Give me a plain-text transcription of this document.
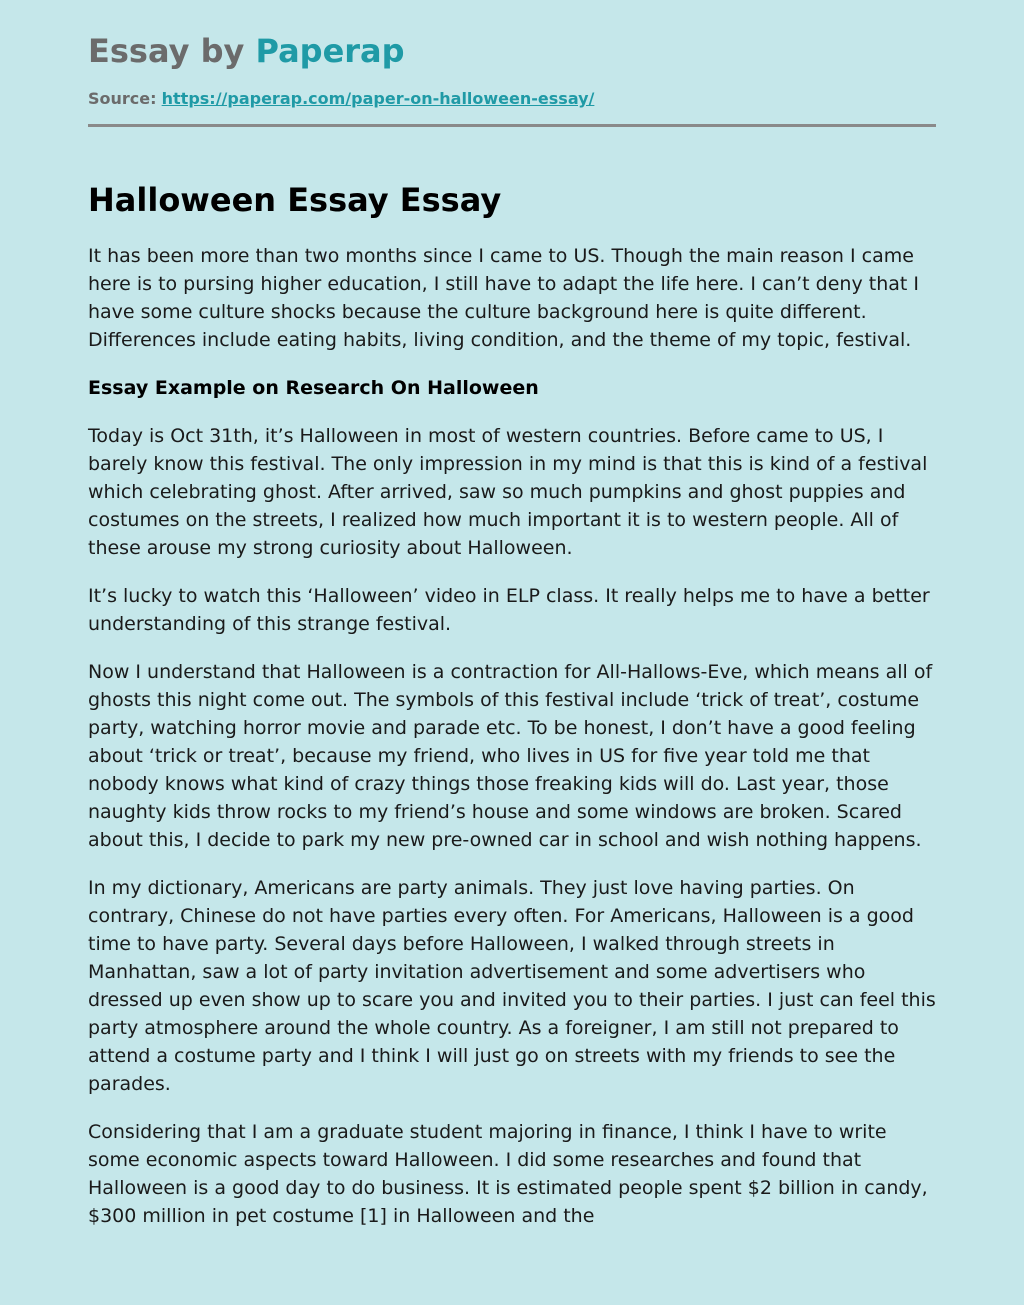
Essay by Paperap
Source: https://paperap.com/paper-on-halloween-essay/
Halloween Essay Essay

It has been more than two months since I came to US. Though the main reason I came here is to pursing higher education, I still have to adapt the life here. I can’t deny that I have some culture shocks because the culture background here is quite different. Differences include eating habits, living condition, and the theme of my topic, festival.

Essay Example on Research On Halloween

Today is Oct 31th, it’s Halloween in most of western countries. Before came to US, I barely know this festival. The only impression in my mind is that this is kind of a festival which celebrating ghost. After arrived, saw so much pumpkins and ghost puppies and costumes on the streets, I realized how much important it is to western people. All of these arouse my strong curiosity about Halloween.

It’s lucky to watch this ‘Halloween’ video in ELP class. It really helps me to have a better understanding of this strange festival.

Now I understand that Halloween is a contraction for All-Hallows-Eve, which means all of ghosts this night come out. The symbols of this festival include ‘trick of treat’, costume party, watching horror movie and parade etc. To be honest, I don’t have a good feeling about ‘trick or treat’, because my friend, who lives in US for five year told me that nobody knows what kind of crazy things those freaking kids will do. Last year, those naughty kids throw rocks to my friend’s house and some windows are broken. Scared about this, I decide to park my new pre-owned car in school and wish nothing happens.

In my dictionary, Americans are party animals. They just love having parties. On contrary, Chinese do not have parties every often. For Americans, Halloween is a good time to have party. Several days before Halloween, I walked through streets in Manhattan, saw a lot of party invitation advertisement and some advertisers who dressed up even show up to scare you and invited you to their parties. I just can feel this party atmosphere around the whole country. As a foreigner, I am still not prepared to attend a costume party and I think I will just go on streets with my friends to see the parades.

Considering that I am a graduate student majoring in finance, I think I have to write some economic aspects toward Halloween. I did some researches and found that Halloween is a good day to do business. It is estimated people spent $2 billion in candy, $300 million in pet costume [1] in Halloween and the
